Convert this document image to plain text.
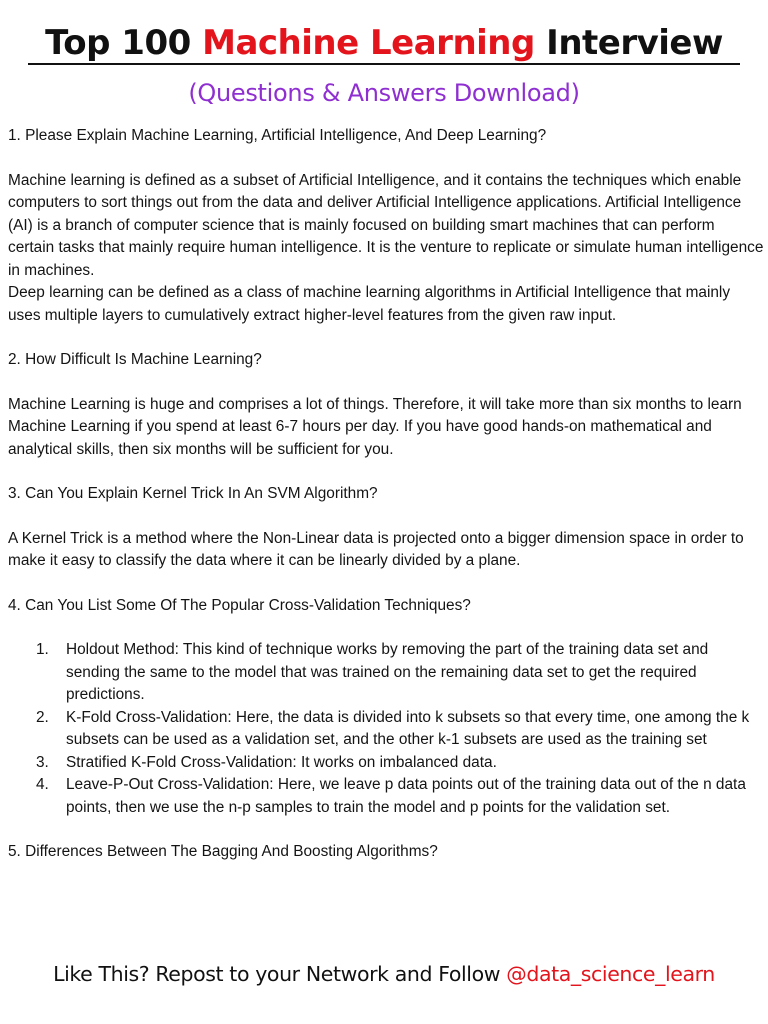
Top 100 Machine Learning Interview
(Questions & Answers Download)

1. Please Explain Machine Learning, Artificial Intelligence, And Deep Learning?

Machine learning is defined as a subset of Artificial Intelligence, and it contains the techniques which enable computers to sort things out from the data and deliver Artificial Intelligence applications. Artificial Intelligence (AI) is a branch of computer science that is mainly focused on building smart machines that can perform certain tasks that mainly require human intelligence. It is the venture to replicate or simulate human intelligence in machines.

Deep learning can be defined as a class of machine learning algorithms in Artificial Intelligence that mainly uses multiple layers to cumulatively extract higher-level features from the given raw input.

2. How Difficult Is Machine Learning?

Machine Learning is huge and comprises a lot of things. Therefore, it will take more than six months to learn Machine Learning if you spend at least 6-7 hours per day. If you have good hands-on mathematical and analytical skills, then six months will be sufficient for you.

3. Can You Explain Kernel Trick In An SVM Algorithm?

A Kernel Trick is a method where the Non-Linear data is projected onto a bigger dimension space in order to make it easy to classify the data where it can be linearly divided by a plane.

4. Can You List Some Of The Popular Cross-Validation Techniques?

1. Holdout Method: This kind of technique works by removing the part of the training data set and sending the same to the model that was trained on the remaining data set to get the required predictions.
2. K-Fold Cross-Validation: Here, the data is divided into k subsets so that every time, one among the k subsets can be used as a validation set, and the other k-1 subsets are used as the training set
3. Stratified K-Fold Cross-Validation: It works on imbalanced data.
4. Leave-P-Out Cross-Validation: Here, we leave p data points out of the training data out of the n data points, then we use the n-p samples to train the model and p points for the validation set.

5. Differences Between The Bagging And Boosting Algorithms?

Like This? Repost to your Network and Follow @data_science_learn
